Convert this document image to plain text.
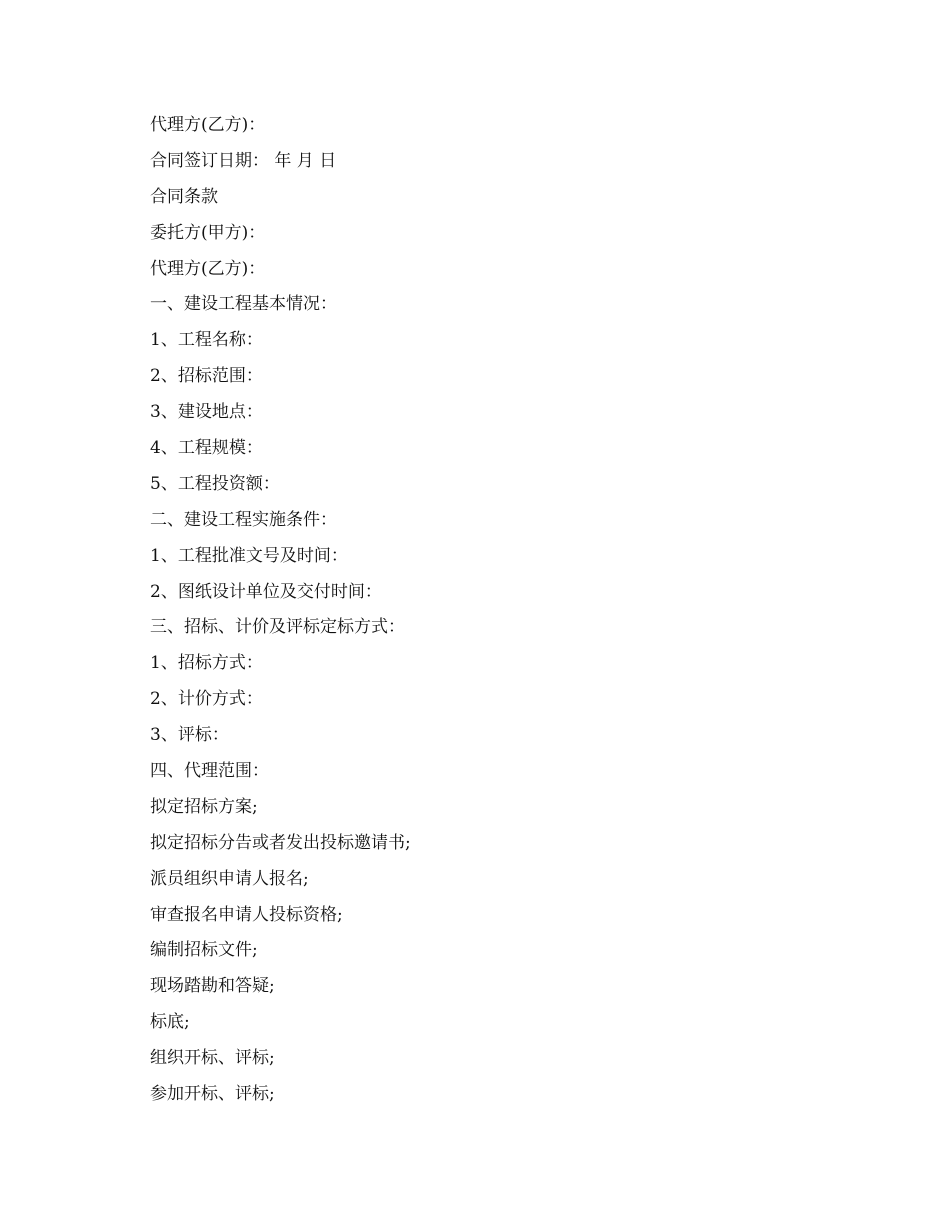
代理方(乙方)：
合同签订日期： 年 月 日
合同条款
委托方(甲方)：
代理方(乙方)：
一、建设工程基本情况：
1、工程名称：
2、招标范围：
3、建设地点：
4、工程规模：
5、工程投资额：
二、建设工程实施条件：
1、工程批准文号及时间：
2、图纸设计单位及交付时间：
三、招标、计价及评标定标方式：
1、招标方式：
2、计价方式：
3、评标：
四、代理范围：
拟定招标方案;
拟定招标分告或者发出投标邀请书;
派员组织申请人报名;
审查报名申请人投标资格;
编制招标文件;
现场踏勘和答疑;
标底;
组织开标、评标;
参加开标、评标;
